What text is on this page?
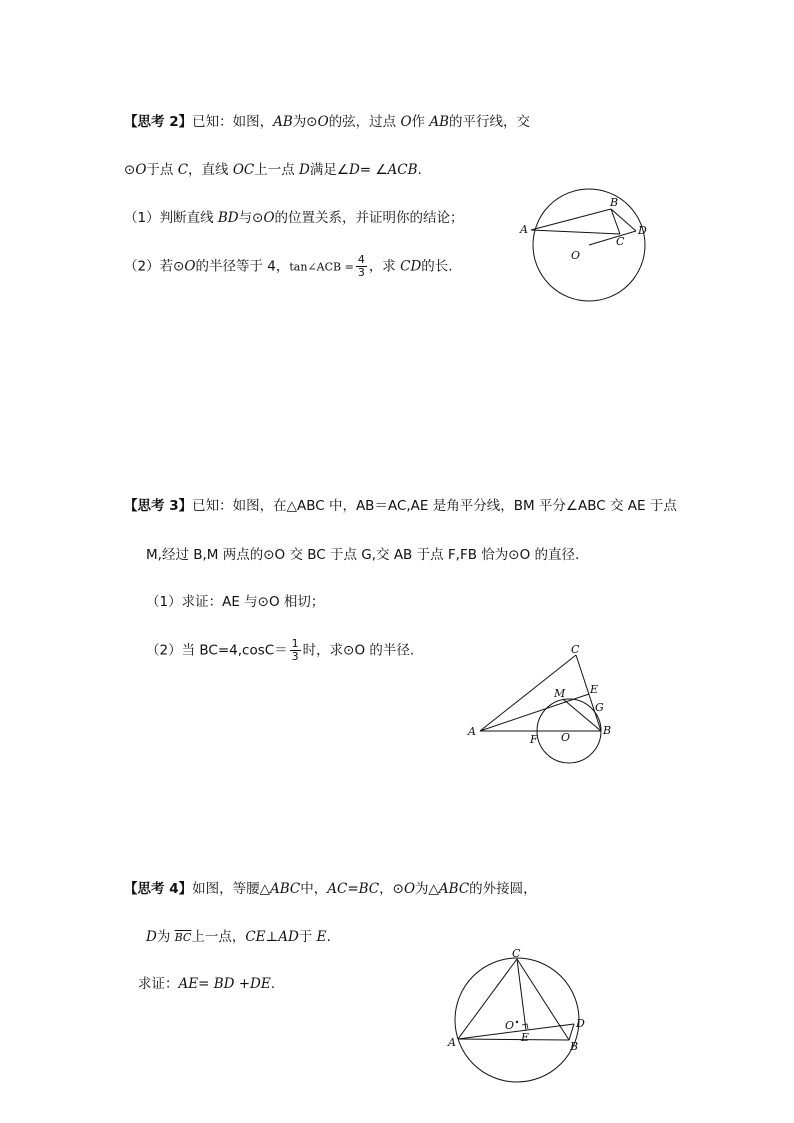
【思考 2】已知：如图，AB为⊙O的弦，过点 O作 AB的平行线，交
⊙O于点 C，直线 OC上一点 D满足∠D= ∠ACB.
（1）判断直线 BD与⊙O的位置关系，并证明你的结论；
（2）若⊙O的半径等于 4，tan∠ACB = $\frac{4}{3}$ ，求 CD的长.
A
B
C
D
O
【思考 3】已知：如图，在△ABC 中，AB＝AC,AE 是角平分线，BM 平分∠ABC 交 AE 于点
M,经过 B,M 两点的⊙O 交 BC 于点 G,交 AB 于点 F,FB 恰为⊙O 的直径.
（1）求证：AE 与⊙O 相切；
（2）当 $BC=4,\cos C= \frac{1}{3}$ 时，求⊙O 的半径.
A	B
C
E
F
G
M
O
【思考 4】如图，等腰△ABC中，AC=BC，⊙O为△ABC的外接圆，
D为 $\overline{BC}$上一点，CE⊥AD于 E.
求证：AE= BD +DE.
A	B
C
D
E
O
